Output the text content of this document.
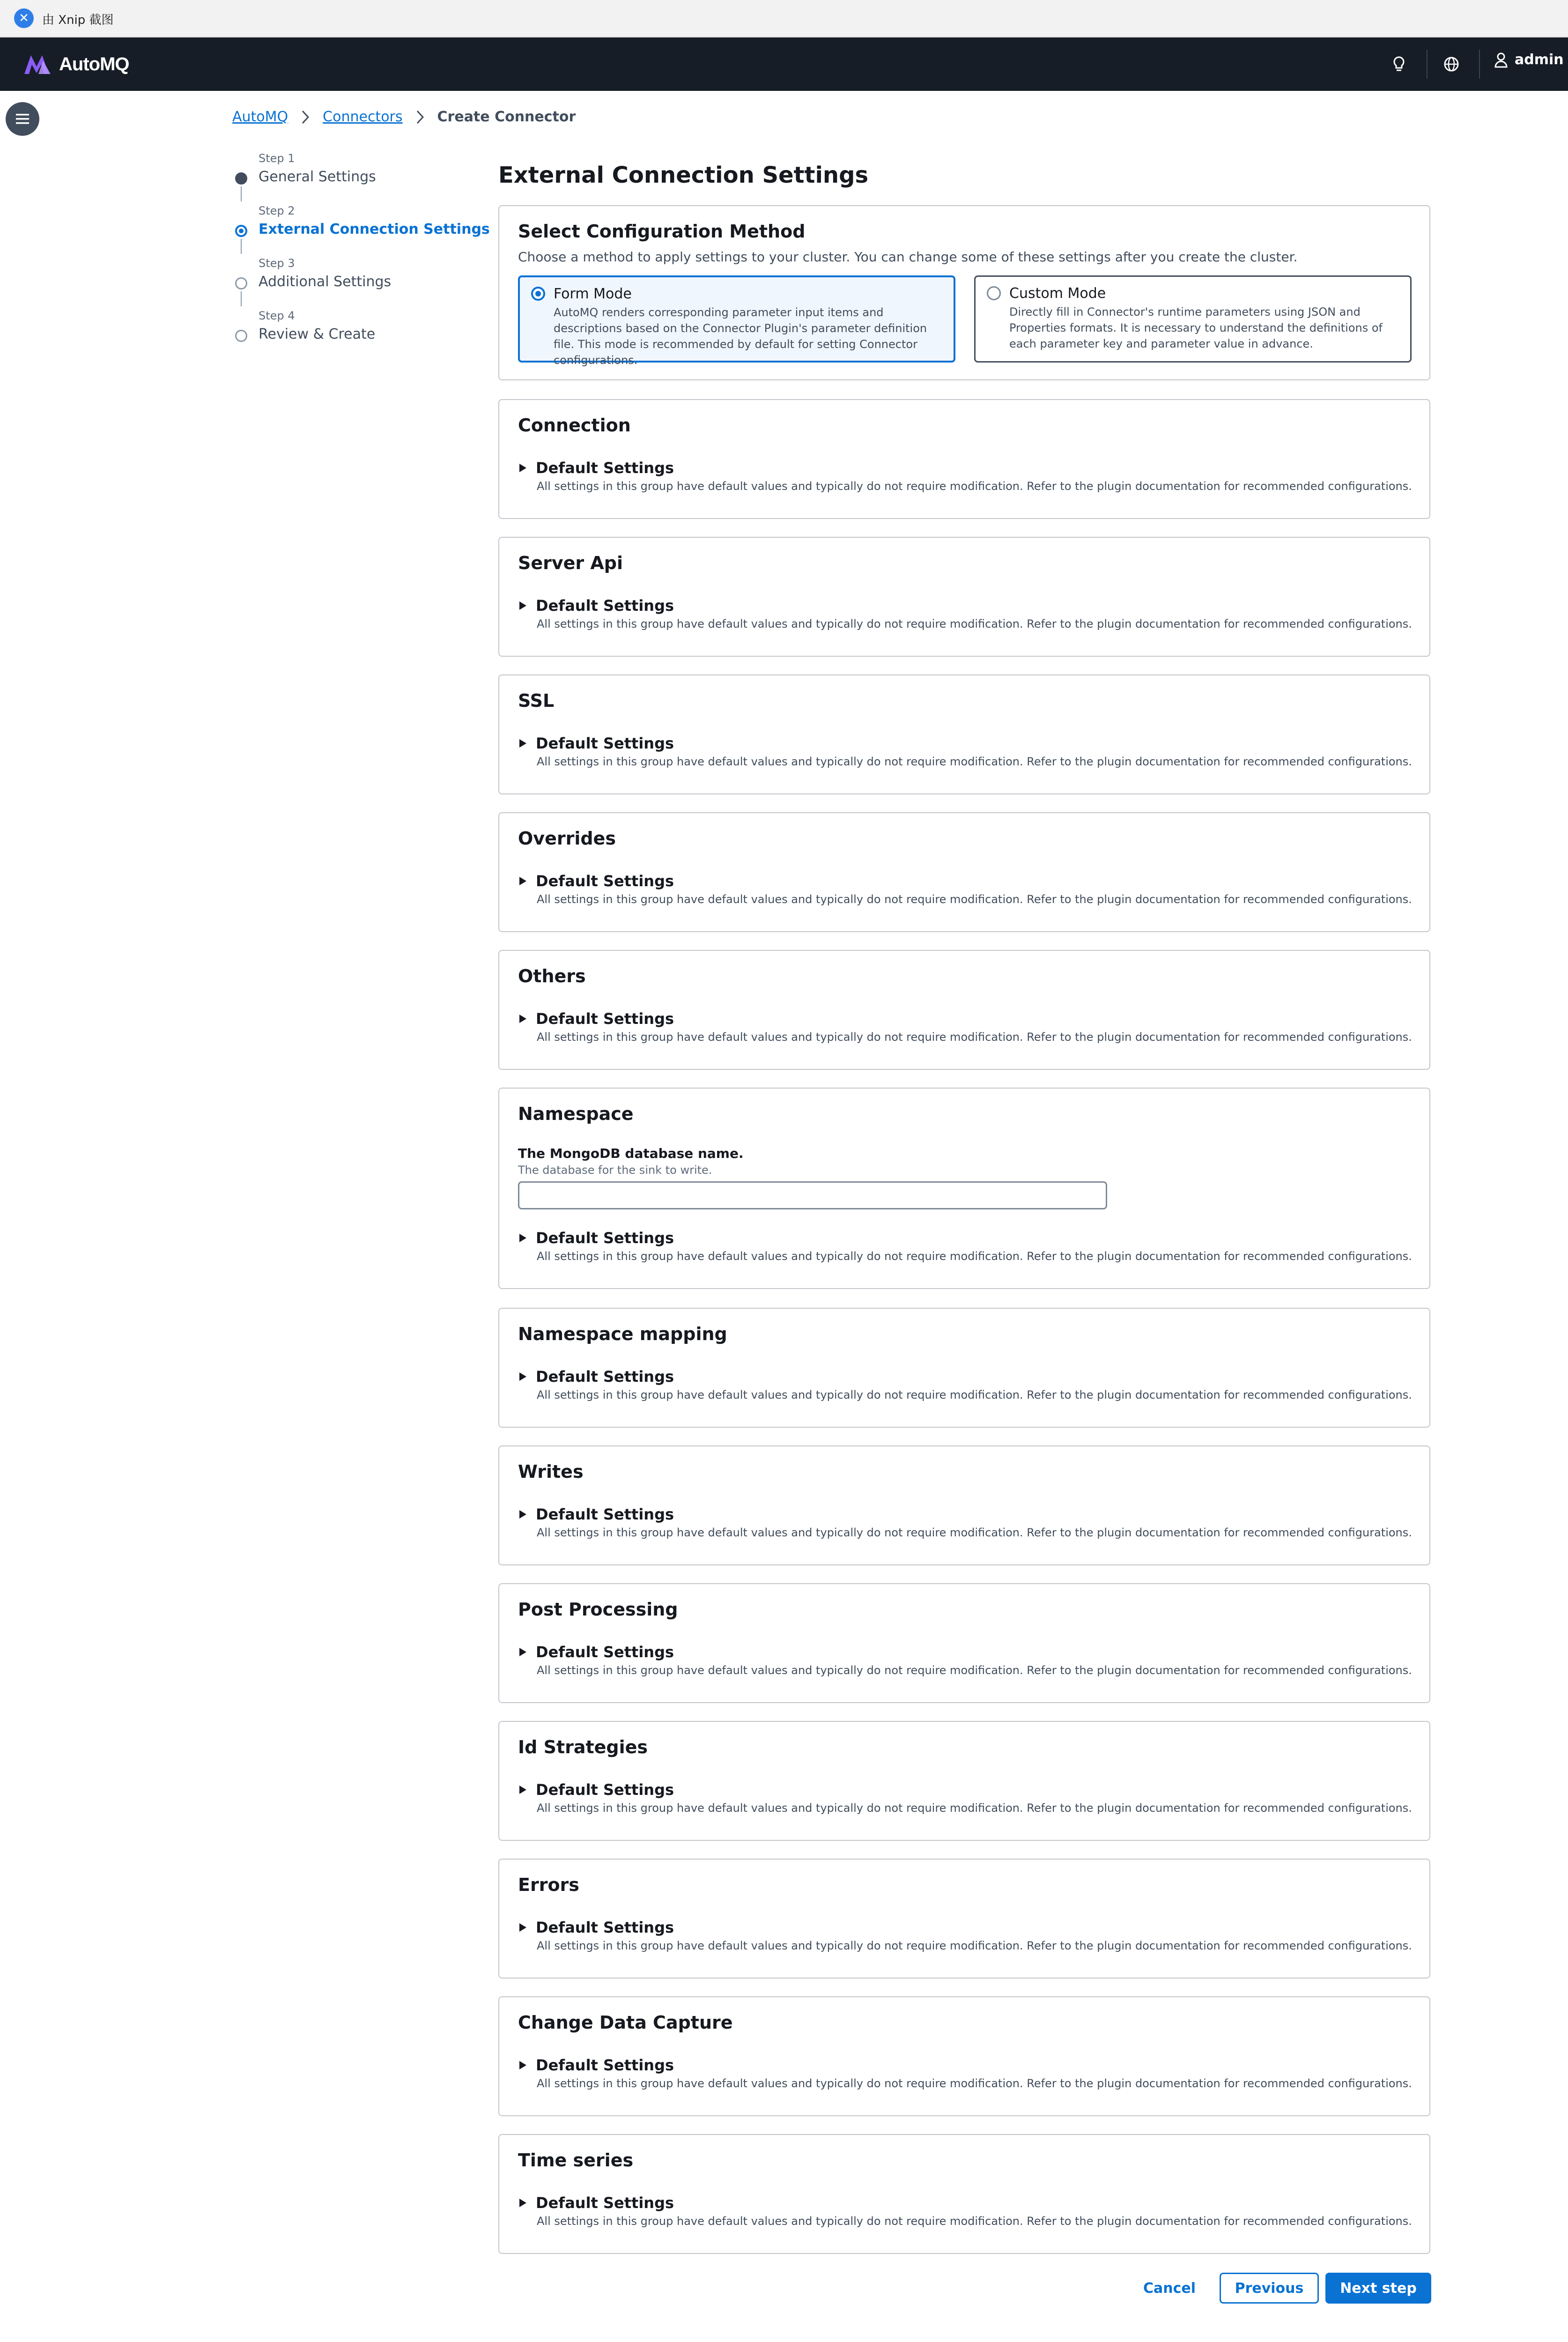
✕	由 Xnip 截图
AutoMQ	admin
AutoMQ Connectors Create Connector
Step 1
General Settings
Step 2
External Connection Settings
Step 3
Additional Settings
Step 4
Review & Create
External Connection Settings
Select Configuration Method
Choose a method to apply settings to your cluster. You can change some of these settings after you create the cluster.
Form Mode
AutoMQ renders corresponding parameter input items and descriptions based on the Connector Plugin's parameter definition file. This mode is recommended by default for setting Connector configurations.
Custom Mode
Directly fill in Connector's runtime parameters using JSON and Properties formats. It is necessary to understand the definitions of each parameter key and parameter value in advance.
Connection
Default Settings
All settings in this group have default values and typically do not require modification. Refer to the plugin documentation for recommended configurations.
Server Api
Default Settings
All settings in this group have default values and typically do not require modification. Refer to the plugin documentation for recommended configurations.
SSL
Default Settings
All settings in this group have default values and typically do not require modification. Refer to the plugin documentation for recommended configurations.
Overrides
Default Settings
All settings in this group have default values and typically do not require modification. Refer to the plugin documentation for recommended configurations.
Others
Default Settings
All settings in this group have default values and typically do not require modification. Refer to the plugin documentation for recommended configurations.
Namespace
The MongoDB database name.
The database for the sink to write.
Default Settings
All settings in this group have default values and typically do not require modification. Refer to the plugin documentation for recommended configurations.
Namespace mapping
Default Settings
All settings in this group have default values and typically do not require modification. Refer to the plugin documentation for recommended configurations.
Writes
Default Settings
All settings in this group have default values and typically do not require modification. Refer to the plugin documentation for recommended configurations.
Post Processing
Default Settings
All settings in this group have default values and typically do not require modification. Refer to the plugin documentation for recommended configurations.
Id Strategies
Default Settings
All settings in this group have default values and typically do not require modification. Refer to the plugin documentation for recommended configurations.
Errors
Default Settings
All settings in this group have default values and typically do not require modification. Refer to the plugin documentation for recommended configurations.
Change Data Capture
Default Settings
All settings in this group have default values and typically do not require modification. Refer to the plugin documentation for recommended configurations.
Time series
Default Settings
All settings in this group have default values and typically do not require modification. Refer to the plugin documentation for recommended configurations.
Cancel	Previous	Next step
